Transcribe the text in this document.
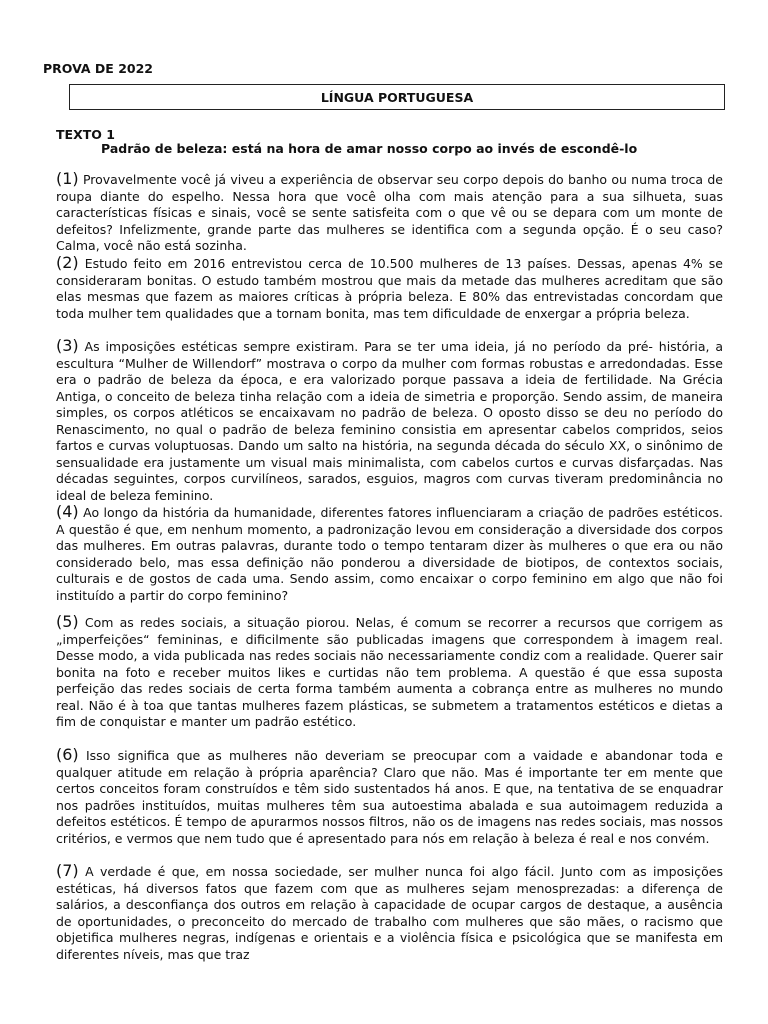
PROVA DE 2022
LÍNGUA PORTUGUESA
TEXTO 1
Padrão de beleza: está na hora de amar nosso corpo ao invés de escondê-lo

(1) Provavelmente você já viveu a experiência de observar seu corpo depois do banho ou numa troca de roupa diante do espelho. Nessa hora que você olha com mais atenção para a sua silhueta, suas características físicas e sinais, você se sente satisfeita com o que vê ou se depara com um monte de defeitos? Infelizmente, grande parte das mulheres se identifica com a segunda opção. É o seu caso? Calma, você não está sozinha.

(2) Estudo feito em 2016 entrevistou cerca de 10.500 mulheres de 13 países. Dessas, apenas 4% se consideraram bonitas. O estudo também mostrou que mais da metade das mulheres acreditam que são elas mesmas que fazem as maiores críticas à própria beleza. E 80% das entrevistadas concordam que toda mulher tem qualidades que a tornam bonita, mas tem dificuldade de enxergar a própria beleza.

(3) As imposições estéticas sempre existiram. Para se ter uma ideia, já no período da pré- história, a escultura “Mulher de Willendorf” mostrava o corpo da mulher com formas robustas e arredondadas. Esse era o padrão de beleza da época, e era valorizado porque passava a ideia de fertilidade. Na Grécia Antiga, o conceito de beleza tinha relação com a ideia de simetria e proporção. Sendo assim, de maneira simples, os corpos atléticos se encaixavam no padrão de beleza. O oposto disso se deu no período do Renascimento, no qual o padrão de beleza feminino consistia em apresentar cabelos compridos, seios fartos e curvas voluptuosas. Dando um salto na história, na segunda década do século XX, o sinônimo de sensualidade era justamente um visual mais minimalista, com cabelos curtos e curvas disfarçadas. Nas décadas seguintes, corpos curvilíneos, sarados, esguios, magros com curvas tiveram predominância no ideal de beleza feminino.

(4) Ao longo da história da humanidade, diferentes fatores influenciaram a criação de padrões estéticos. A questão é que, em nenhum momento, a padronização levou em consideração a diversidade dos corpos das mulheres. Em outras palavras, durante todo o tempo tentaram dizer às mulheres o que era ou não considerado belo, mas essa definição não ponderou a diversidade de biotipos, de contextos sociais, culturais e de gostos de cada uma. Sendo assim, como encaixar o corpo feminino em algo que não foi instituído a partir do corpo feminino?

(5) Com as redes sociais, a situação piorou. Nelas, é comum se recorrer a recursos que corrigem as „imperfeições“ femininas, e dificilmente são publicadas imagens que correspondem à imagem real. Desse modo, a vida publicada nas redes sociais não necessariamente condiz com a realidade. Querer sair bonita na foto e receber muitos likes e curtidas não tem problema. A questão é que essa suposta perfeição das redes sociais de certa forma também aumenta a cobrança entre as mulheres no mundo real. Não é à toa que tantas mulheres fazem plásticas, se submetem a tratamentos estéticos e dietas a fim de conquistar e manter um padrão estético.

(6) Isso significa que as mulheres não deveriam se preocupar com a vaidade e abandonar toda e qualquer atitude em relação à própria aparência? Claro que não. Mas é importante ter em mente que certos conceitos foram construídos e têm sido sustentados há anos. E que, na tentativa de se enquadrar nos padrões instituídos, muitas mulheres têm sua autoestima abalada e sua autoimagem reduzida a defeitos estéticos. É tempo de apurarmos nossos filtros, não os de imagens nas redes sociais, mas nossos critérios, e vermos que nem tudo que é apresentado para nós em relação à beleza é real e nos convém.

(7) A verdade é que, em nossa sociedade, ser mulher nunca foi algo fácil. Junto com as imposições estéticas, há diversos fatos que fazem com que as mulheres sejam menosprezadas: a diferença de salários, a desconfiança dos outros em relação à capacidade de ocupar cargos de destaque, a ausência de oportunidades, o preconceito do mercado de trabalho com mulheres que são mães, o racismo que objetifica mulheres negras, indígenas e orientais e a violência física e psicológica que se manifesta em diferentes níveis, mas que traz
